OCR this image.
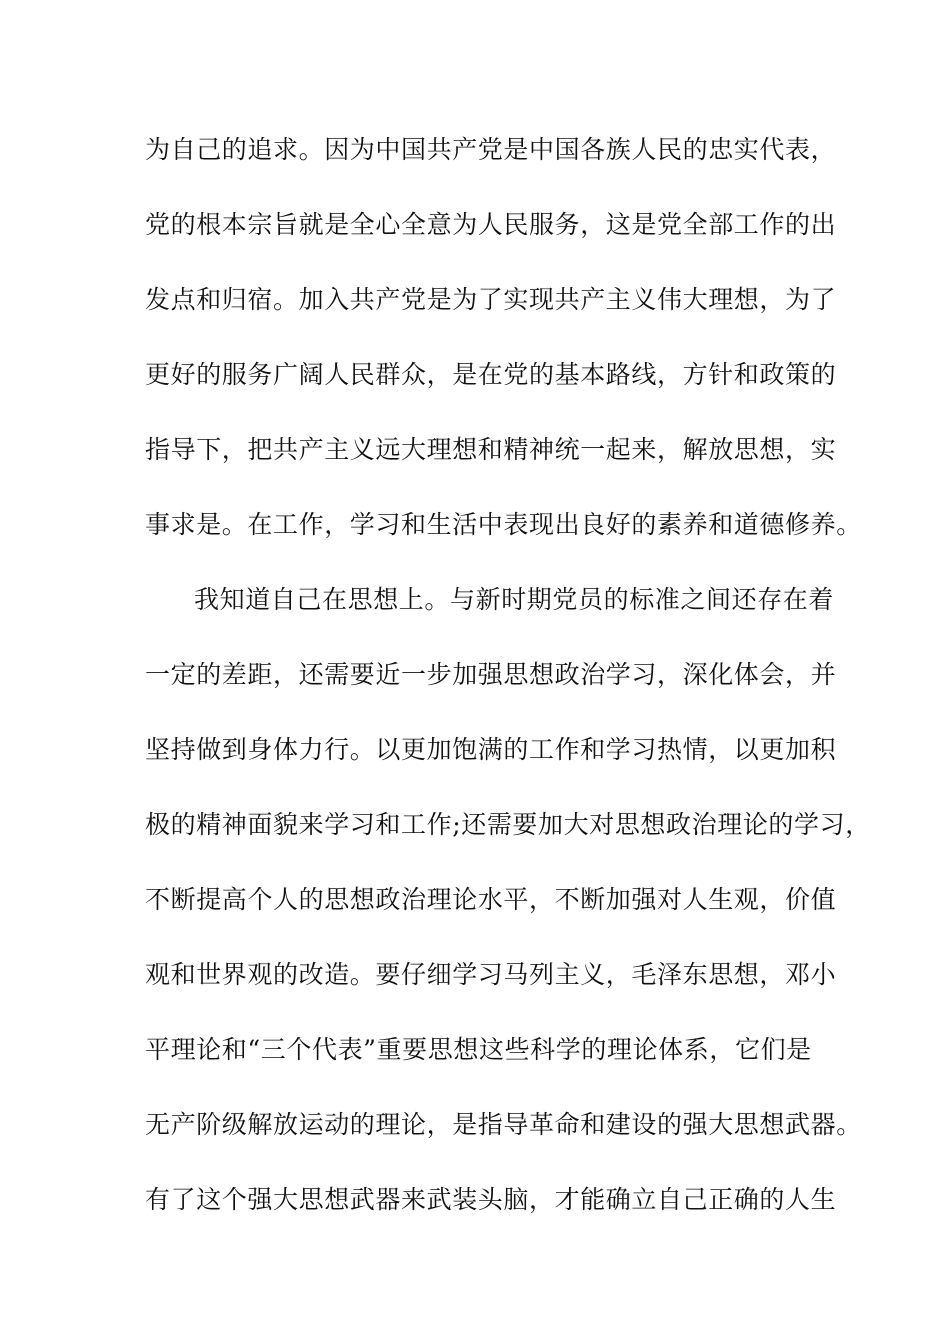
为自己的追求。因为中国共产党是中国各族人民的忠实代表，
党的根本宗旨就是全心全意为人民服务，这是党全部工作的出
发点和归宿。加入共产党是为了实现共产主义伟大理想，为了
更好的服务广阔人民群众，是在党的基本路线，方针和政策的
指导下，把共产主义远大理想和精神统一起来，解放思想，实
事求是。在工作，学习和生活中表现出良好的素养和道德修养。
我知道自己在思想上。与新时期党员的标准之间还存在着
一定的差距，还需要近一步加强思想政治学习，深化体会，并
坚持做到身体力行。以更加饱满的工作和学习热情，以更加积
极的精神面貌来学习和工作;还需要加大对思想政治理论的学习，
不断提高个人的思想政治理论水平，不断加强对人生观，价值
观和世界观的改造。要仔细学习马列主义，毛泽东思想，邓小
平理论和“三个代表”重要思想这些科学的理论体系，它们是
无产阶级解放运动的理论，是指导革命和建设的强大思想武器。
有了这个强大思想武器来武装头脑，才能确立自己正确的人生
